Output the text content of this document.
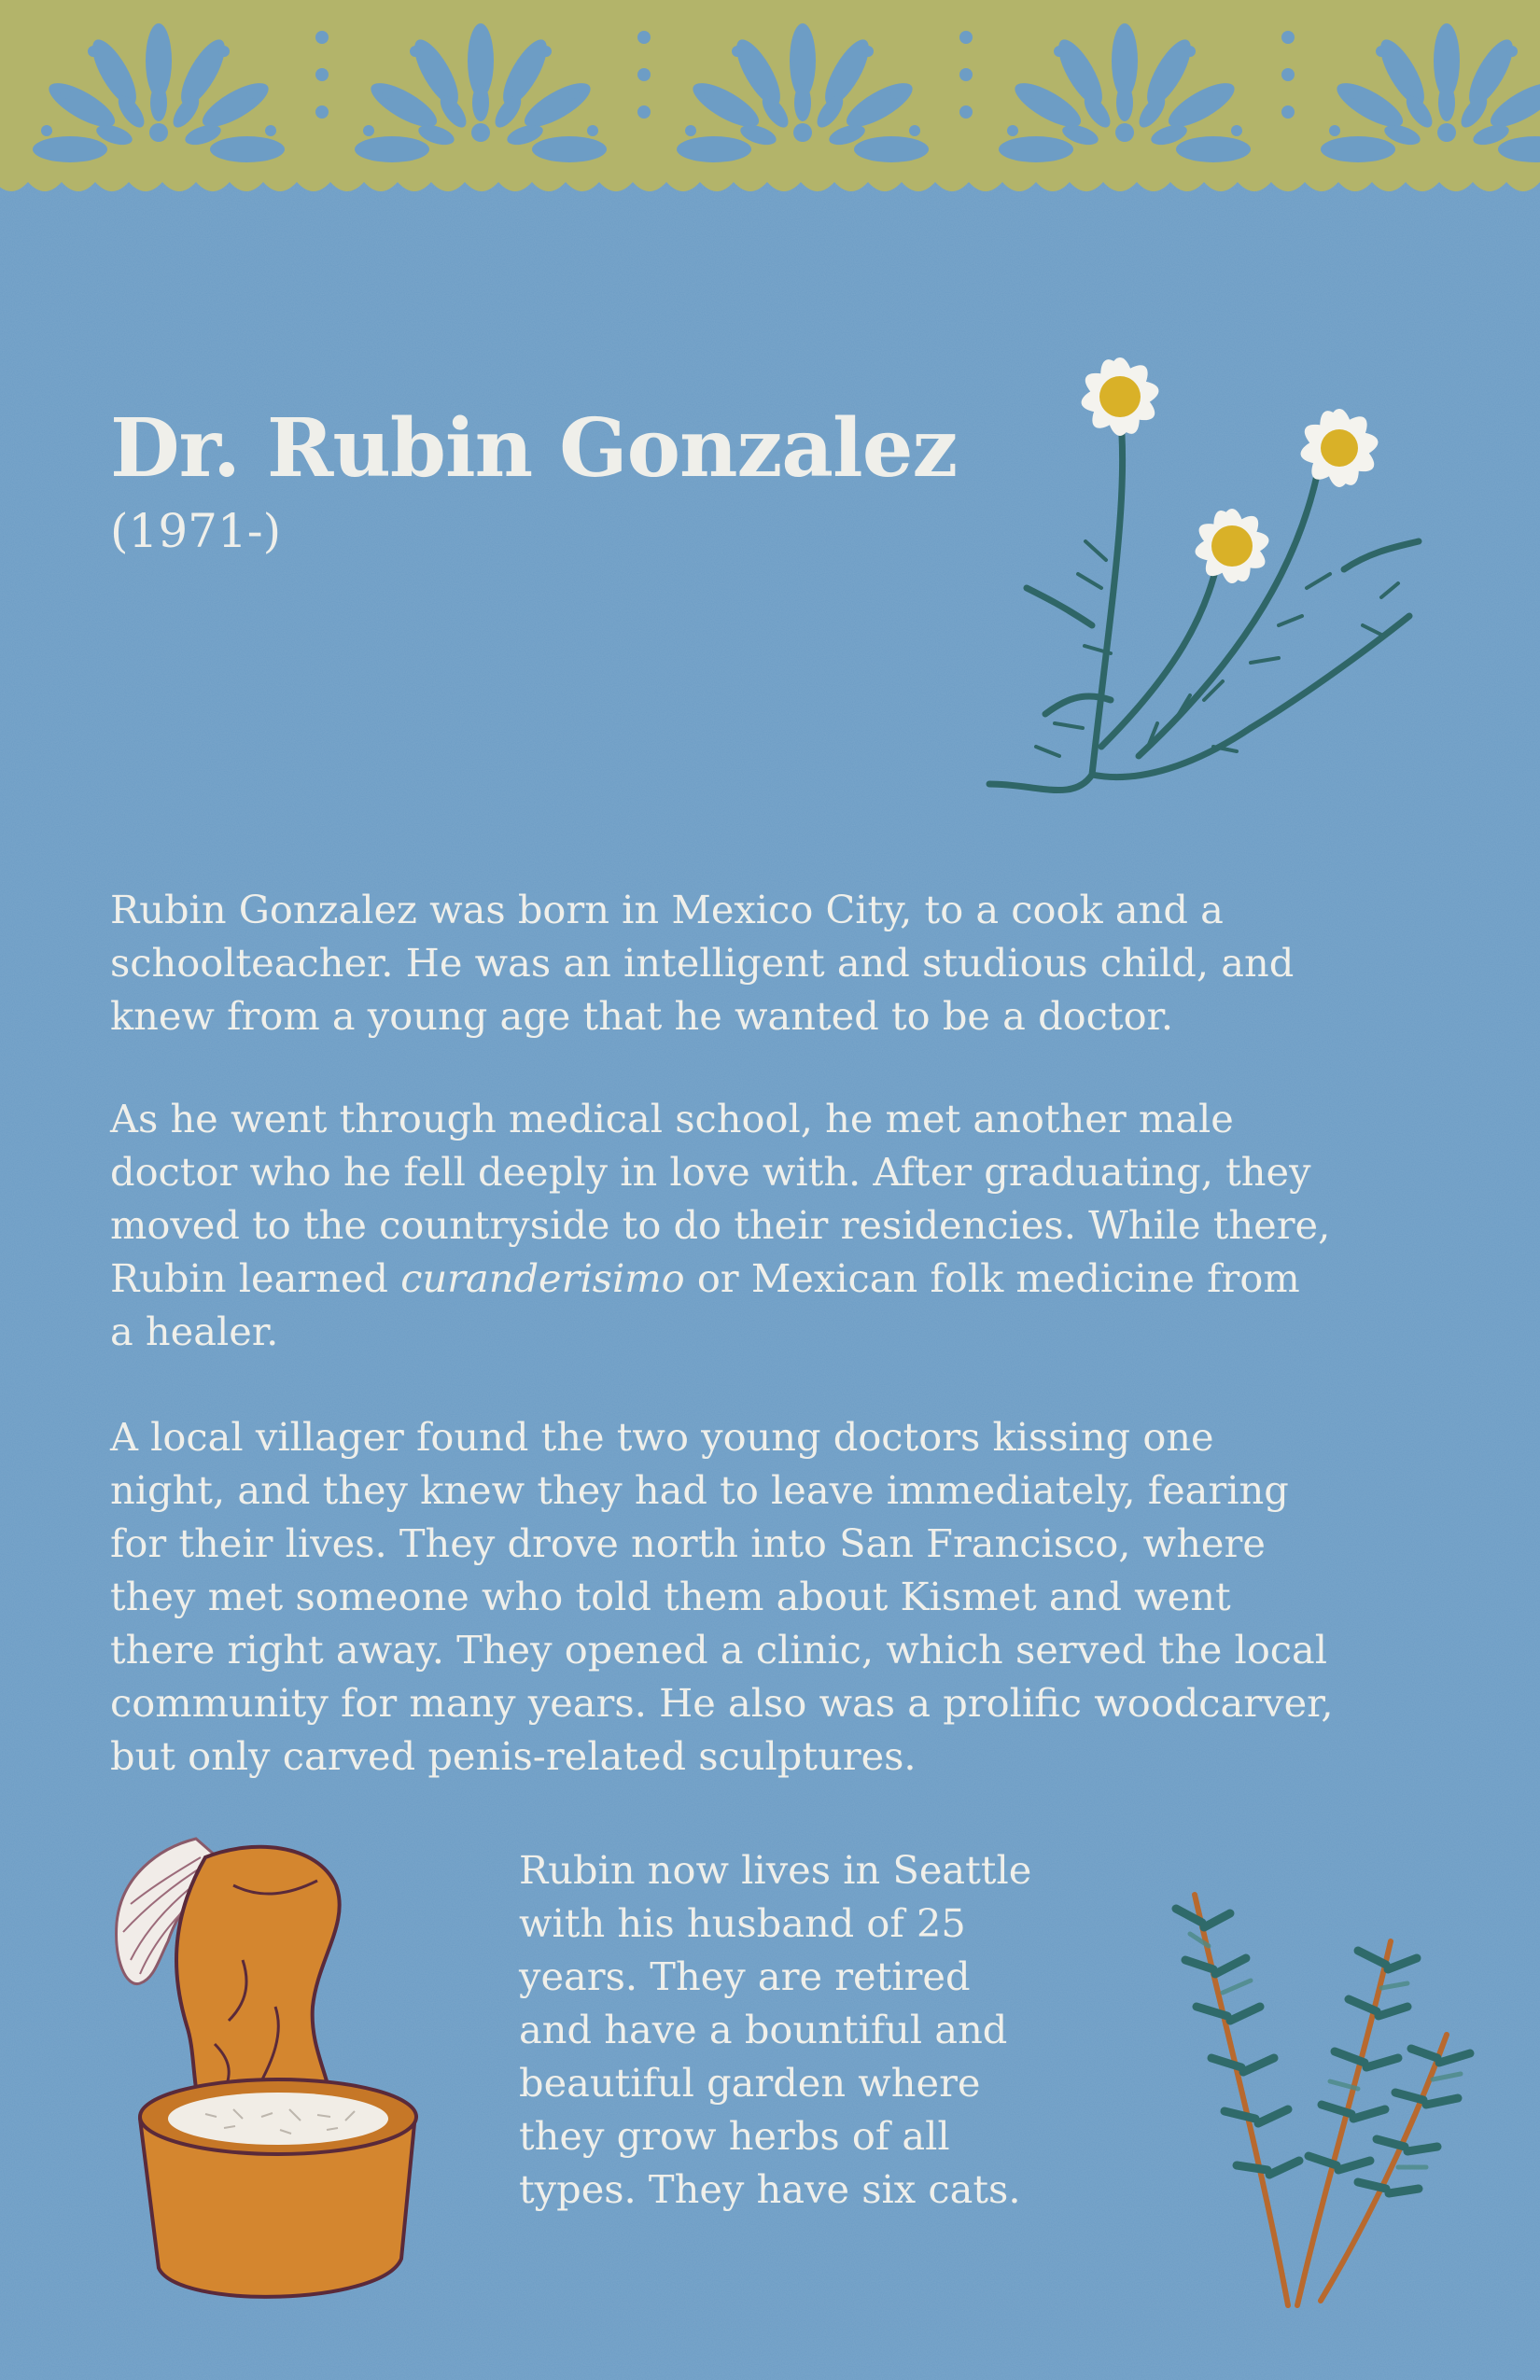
Dr. Rubin Gonzalez

(1971-)

Rubin Gonzalez was born in Mexico City, to a cook and a
schoolteacher. He was an intelligent and studious child, and
knew from a young age that he wanted to be a doctor.

As he went through medical school, he met another male
doctor who he fell deeply in love with. After graduating, they
moved to the countryside to do their residencies. While there,
Rubin learned curanderisimo or Mexican folk medicine from
a healer.

A local villager found the two young doctors kissing one
night, and they knew they had to leave immediately, fearing
for their lives. They drove north into San Francisco, where
they met someone who told them about Kismet and went
there right away. They opened a clinic, which served the local
community for many years. He also was a prolific woodcarver,
but only carved penis-related sculptures.

Rubin now lives in Seattle
with his husband of 25
years. They are retired
and have a bountiful and
beautiful garden where
they grow herbs of all
types. They have six cats.
